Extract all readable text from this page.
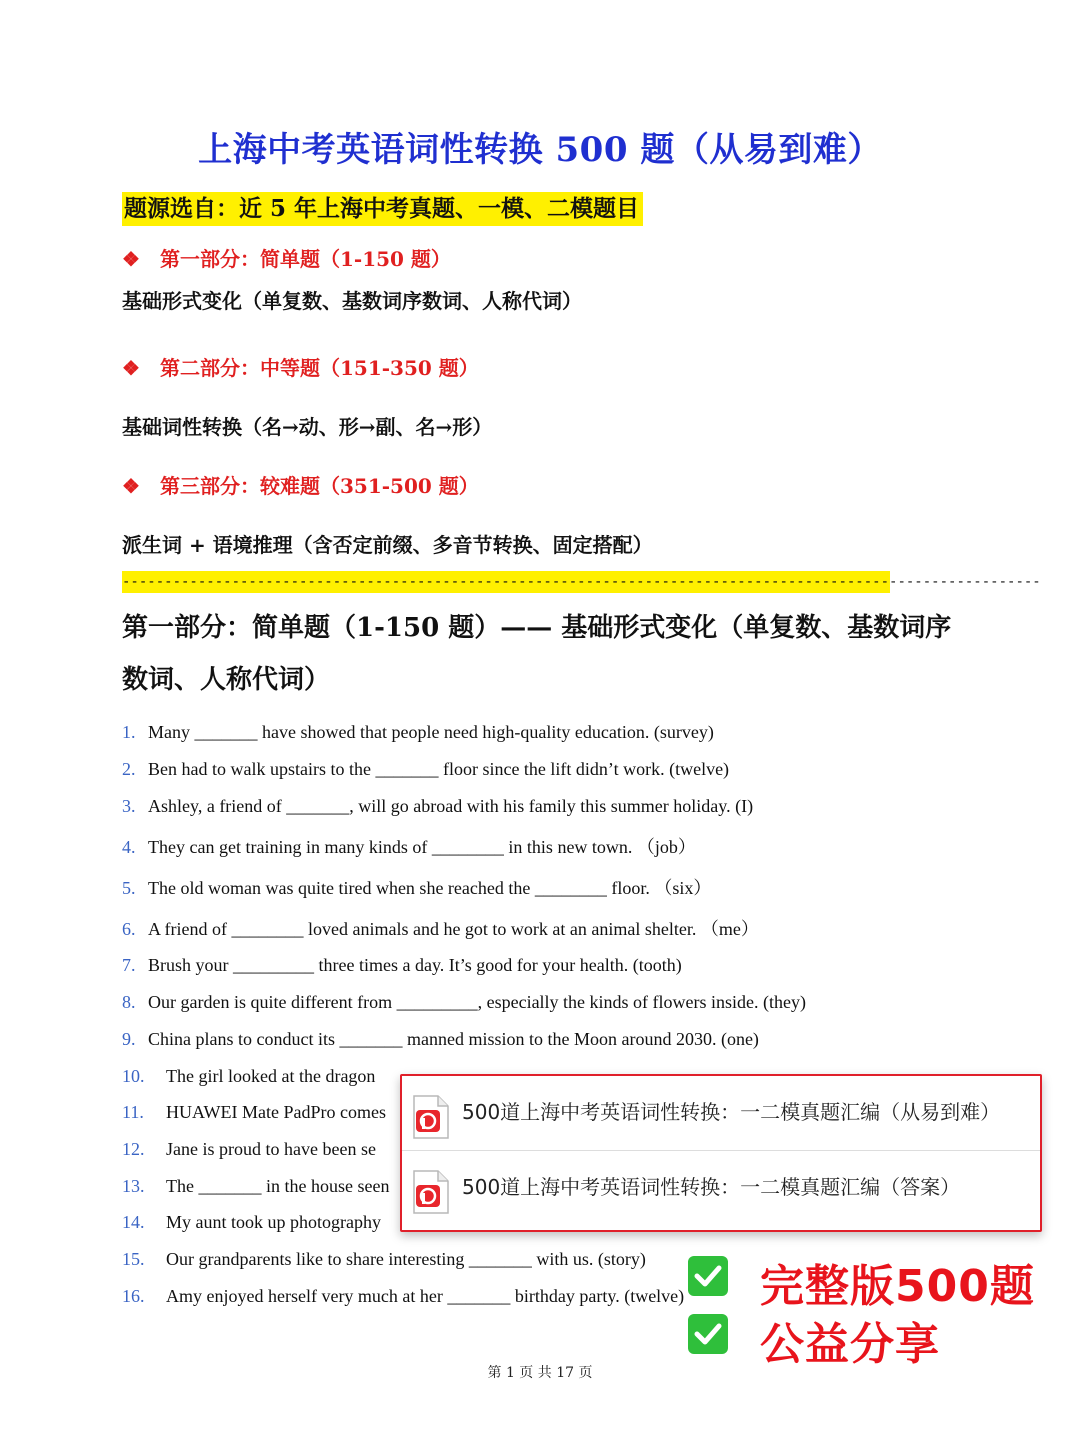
上海中考英语词性转换 500 题（从易到难）
题源选自：近 5 年上海中考真题、一模、二模题目
❖ 第一部分：简单题（1-150 题）
基础形式变化（单复数、基数词序数词、人称代词）
❖ 第二部分：中等题（151-350 题）
基础词性转换（名→动、形→副、名→形）
❖ 第三部分：较难题（351-500 题）
派生词 + 语境推理（含否定前缀、多音节转换、固定搭配）
-------------------------------------------------------------------------------------------------------------
第一部分：简单题（1-150 题）—— 基础形式变化（单复数、基数词序数词、人称代词）
1. Many _______ have showed that people need high-quality education. (survey)
2. Ben had to walk upstairs to the _______ floor since the lift didn’t work. (twelve)
3. Ashley, a friend of _______, will go abroad with his family this summer holiday. (I)
4. They can get training in many kinds of ________ in this new town. （job）
5. The old woman was quite tired when she reached the ________ floor. （six）
6. A friend of ________ loved animals and he got to work at an animal shelter. （me）
7. Brush your _________ three times a day. It’s good for your health. (tooth)
8. Our garden is quite different from _________, especially the kinds of flowers inside. (they)
9. China plans to conduct its _______ manned mission to the Moon around 2030. (one)
10. The girl looked at the dragon
11. HUAWEI Mate PadPro comes
12. Jane is proud to have been se
13. The _______ in the house seen
14. My aunt took up photography
15. Our grandparents like to share interesting _______ with us. (story)
16. Amy enjoyed herself very much at her _______ birthday party. (twelve)
第 1 页 共 17 页
500道上海中考英语词性转换：一二模真题汇编（从易到难）
500道上海中考英语词性转换：一二模真题汇编（答案）
完整版500题
公益分享
